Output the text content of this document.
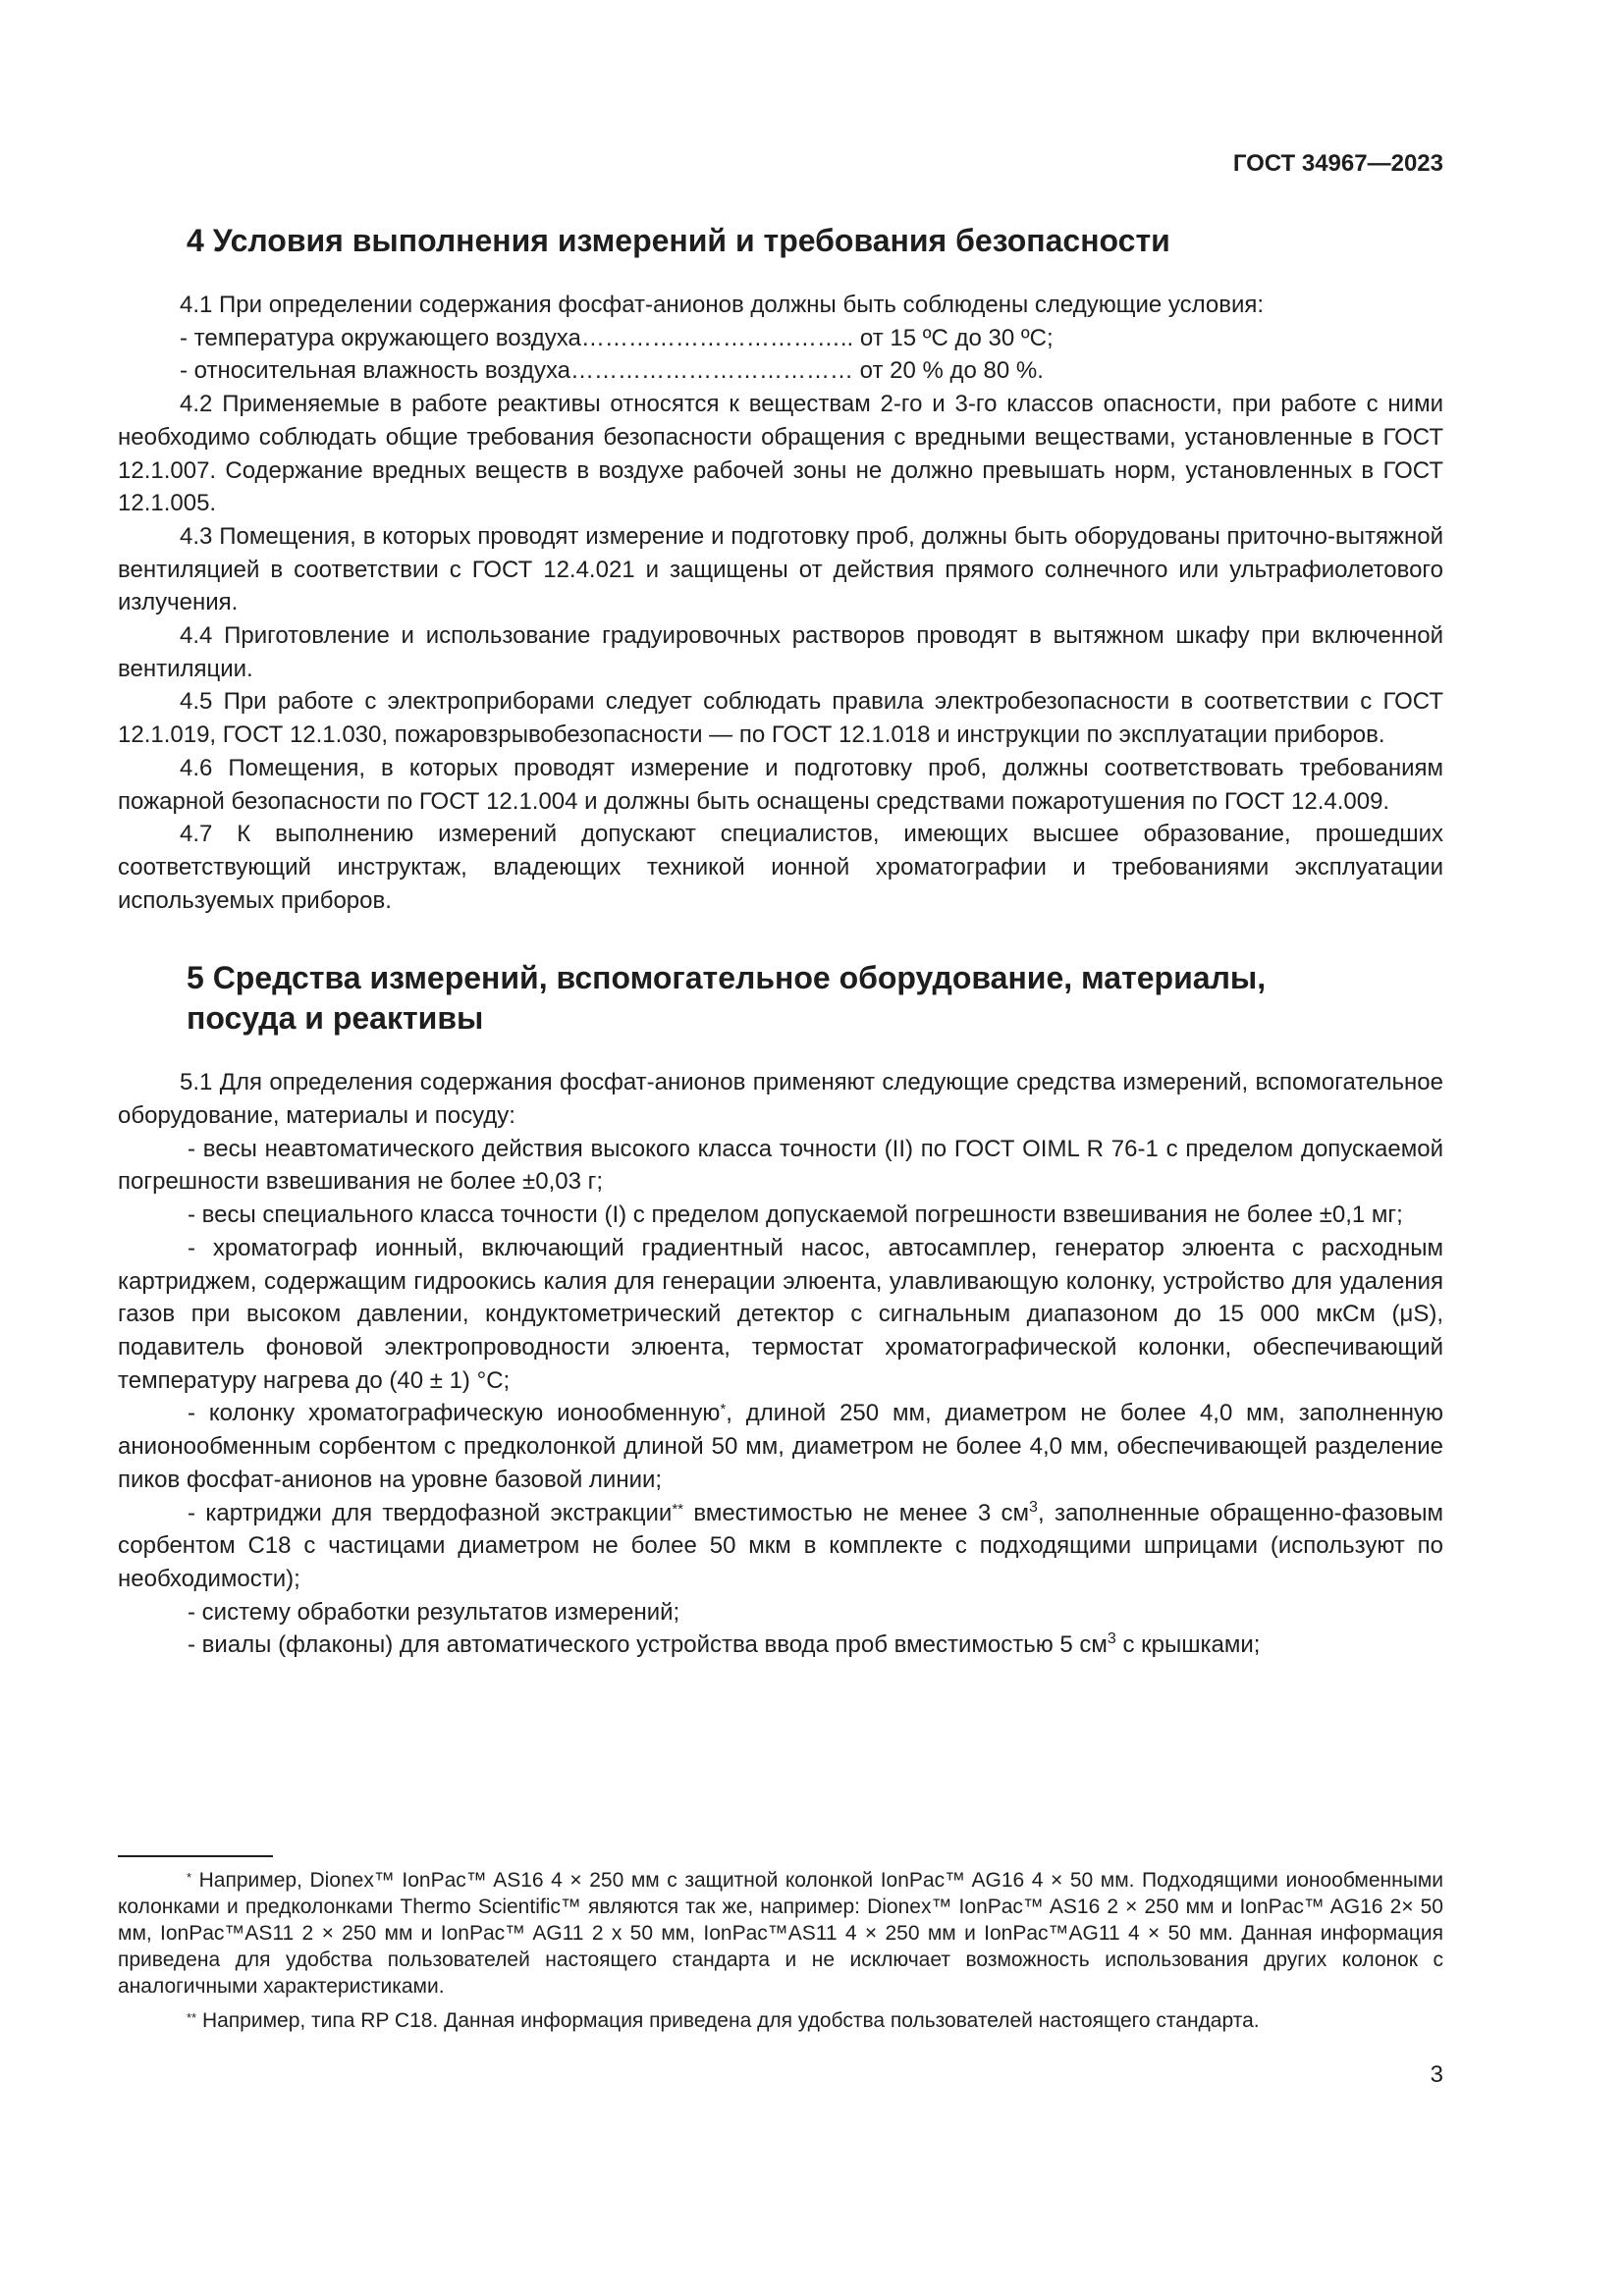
ГОСТ 34967—2023
4 Условия выполнения измерений и требования безопасности

4.1 При определении содержания фосфат-анионов должны быть соблюдены следующие условия:

- температура окружающего воздуха…………………………….. от 15 ºС до 30 ºС;

- относительная влажность воздуха……………………………… от 20 % до 80 %.

4.2 Применяемые в работе реактивы относятся к веществам 2-го и 3-го классов опасности, при работе с ними необходимо соблюдать общие требования безопасности обращения с вредными веществами, установленные в ГОСТ 12.1.007. Содержание вредных веществ в воздухе рабочей зоны не должно превышать норм, установленных в ГОСТ 12.1.005.

4.3 Помещения, в которых проводят измерение и подготовку проб, должны быть оборудованы приточно-вытяжной вентиляцией в соответствии с ГОСТ 12.4.021 и защищены от действия прямого солнечного или ультрафиолетового излучения.

4.4 Приготовление и использование градуировочных растворов проводят в вытяжном шкафу при включенной вентиляции.

4.5 При работе с электроприборами следует соблюдать правила электробезопасности в соответствии с ГОСТ 12.1.019, ГОСТ 12.1.030, пожаровзрывобезопасности — по ГОСТ 12.1.018 и инструкции по эксплуатации приборов.

4.6 Помещения, в которых проводят измерение и подготовку проб, должны соответствовать требованиям пожарной безопасности по ГОСТ 12.1.004 и должны быть оснащены средствами пожаротушения по ГОСТ 12.4.009.

4.7 К выполнению измерений допускают специалистов, имеющих высшее образование, прошедших соответствующий инструктаж, владеющих техникой ионной хроматографии и требованиями эксплуатации используемых приборов.

5 Средства измерений, вспомогательное оборудование, материалы,
посуда и реактивы

5.1 Для определения содержания фосфат-анионов применяют следующие средства измерений, вспомогательное оборудование, материалы и посуду:

- весы неавтоматического действия высокого класса точности (II) по ГОСТ OIML R 76-1 с пределом допускаемой погрешности взвешивания не более ±0,03 г;

- весы специального класса точности (I) с пределом допускаемой погрешности взвешивания не более ±0,1 мг;

- хроматограф ионный, включающий градиентный насос, автосамплер, генератор элюента с расходным картриджем, содержащим гидроокись калия для генерации элюента, улавливающую колонку, устройство для удаления газов при высоком давлении, кондуктометрический детектор с сигнальным диапазоном до 15 000 мкСм (μS), подавитель фоновой электропроводности элюента, термостат хроматографической колонки, обеспечивающий температуру нагрева до (40 ± 1) °С;

- колонку хроматографическую ионообменную*, длиной 250 мм, диаметром не более 4,0 мм, заполненную анионообменным сорбентом с предколонкой длиной 50 мм, диаметром не более 4,0 мм, обеспечивающей разделение пиков фосфат-анионов на уровне базовой линии;

- картриджи для твердофазной экстракции** вместимостью не менее 3 $см^3$, заполненные обращенно-фазовым сорбентом С18 с частицами диаметром не более 50 мкм в комплекте с подходящими шприцами (используют по необходимости);

- систему обработки результатов измерений;

- виалы (флаконы) для автоматического устройства ввода проб вместимостью 5 $см^3$ с крышками;

* Например, Dionex™ IonPac™ AS16 4 × 250 мм с защитной колонкой IonPac™ AG16 4 × 50 мм. Подходящими ионообменными колонками и предколонками Thermo Scientific™ являются так же, например: Dionex™ IonPac™ AS16 2 × 250 мм и IonPac™ AG16 2× 50 мм, IonPac™AS11 2 × 250 мм и IonPac™ AG11 2 х 50 мм, IonPac™AS11 4 × 250 мм и IonPac™AG11 4 × 50 мм. Данная информация приведена для удобства пользователей настоящего стандарта и не исключает возможность использования других колонок с аналогичными характеристиками.

** Например, типа RP C18. Данная информация приведена для удобства пользователей настоящего стандарта.

3
